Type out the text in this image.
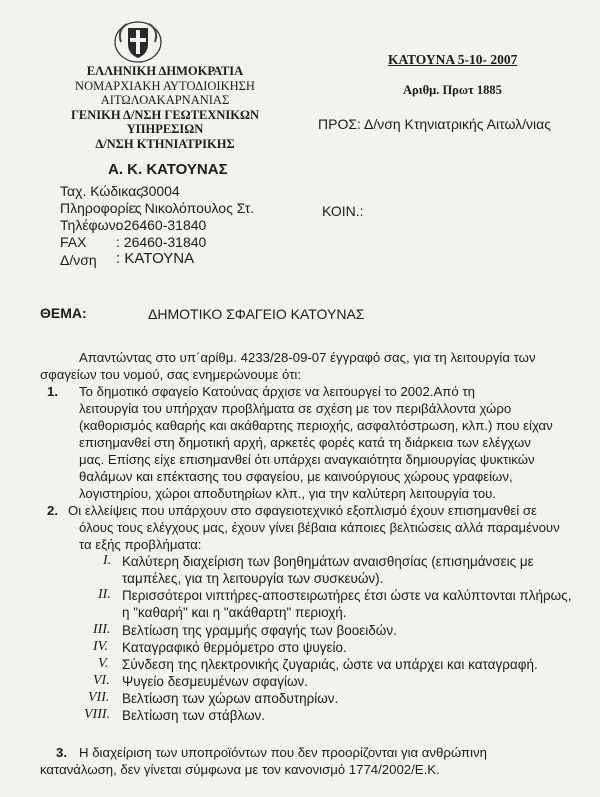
ΕΛΛΗΝΙΚΗ ΔΗΜΟΚΡΑΤΙΑ
ΝΟΜΑΡΧΙΑΚΗ ΑΥΤΟΔΙΟΙΚΗΣΗ
ΑΙΤΩΛΟΑΚΑΡΝΑΝΙΑΣ
ΓΕΝΙΚΗ Δ/ΝΣΗ ΓΕΩΤΕΧΝΙΚΩΝ ΥΠΗΡΕΣΙΩΝ
Δ/ΝΣΗ ΚΤΗΝΙΑΤΡΙΚΗΣ
ΚΑΤΟΥΝΑ 5-10- 2007
Αριθμ. Πρωτ 1885
ΠΡΟΣ: Δ/νση Κτηνιατρικής Αιτωλ/νιας
ΚΟΙΝ.:
Α. Κ. ΚΑΤΟΥΝΑΣ
Ταχ. Κώδικας
: 30004
Πληροφορίες
:. Νικολόπουλος Στ.
Τηλέφωνο
: 26460-31840
FAX : 26460-31840
Δ/νση : ΚΑΤΟΥΝΑ
ΘΕΜΑ:	ΔΗΜΟΤΙΚΟ ΣΦΑΓΕΙΟ ΚΑΤΟΥΝΑΣ
Απαντώντας στο υπ΄αρίθμ. 4233/28-09-07 έγγραφό σας, για τη λειτουργία των
σφαγείων του νομού, σας ενημερώνουμε ότι:
1. Το δημοτικό σφαγείο Κατούνας άρχισε να λειτουργεί το 2002.Από τη
λειτουργία του υπήρχαν προβλήματα σε σχέση με τον περιβάλλοντα χώρο
(καθορισμός καθαρής και ακάθαρτης περιοχής, ασφαλτόστρωση, κλπ.) που είχαν
επισημανθεί στη δημοτική αρχή, αρκετές φορές κατά τη διάρκεια των ελέγχων
μας. Επίσης είχε επισημανθεί ότι υπάρχει αναγκαιότητα δημιουργίας ψυκτικών
θαλάμων και επέκτασης του σφαγείου, με καινούργιους χώρους γραφείων,
λογιστηρίου, χώροι αποδυτηρίων κλπ., για την καλύτερη λειτουργία του.
2. Οι ελλείψεις που υπάρχουν στο σφαγειοτεχνικό εξοπλισμό έχουν επισημανθεί σε
όλους τους ελέγχους μας, έχουν γίνει βέβαια κάποιες βελτιώσεις αλλά παραμένουν
τα εξής προβλήματα:
I. Καλύτερη διαχείριση των βοηθημάτων αναισθησίας (επισημάνσεις με
ταμπέλες, για τη λειτουργία των συσκευών).
II. Περισσότεροι νιπτήρες-αποστειρωτήρες έτσι ώστε να καλύπτονται πλήρως,
η "καθαρή" και η "ακάθαρτη" περιοχή.
III. Βελτίωση της γραμμής σφαγής των βοοειδών.
IV. Καταγραφικό θερμόμετρο στο ψυγείο.
V. Σύνδεση της ηλεκτρονικής ζυγαριάς, ώστε να υπάρχει και καταγραφή.
VI. Ψυγείο δεσμευμένων σφαγίων.
VII. Βελτίωση των χώρων αποδυτηρίων.
VIII. Βελτίωση των στάβλων.
3. Η διαχείριση των υποπροϊόντων που δεν προορίζονται για ανθρώπινη
κατανάλωση, δεν γίνεται σύμφωνα με τον κανονισμό 1774/2002/Ε.Κ.
